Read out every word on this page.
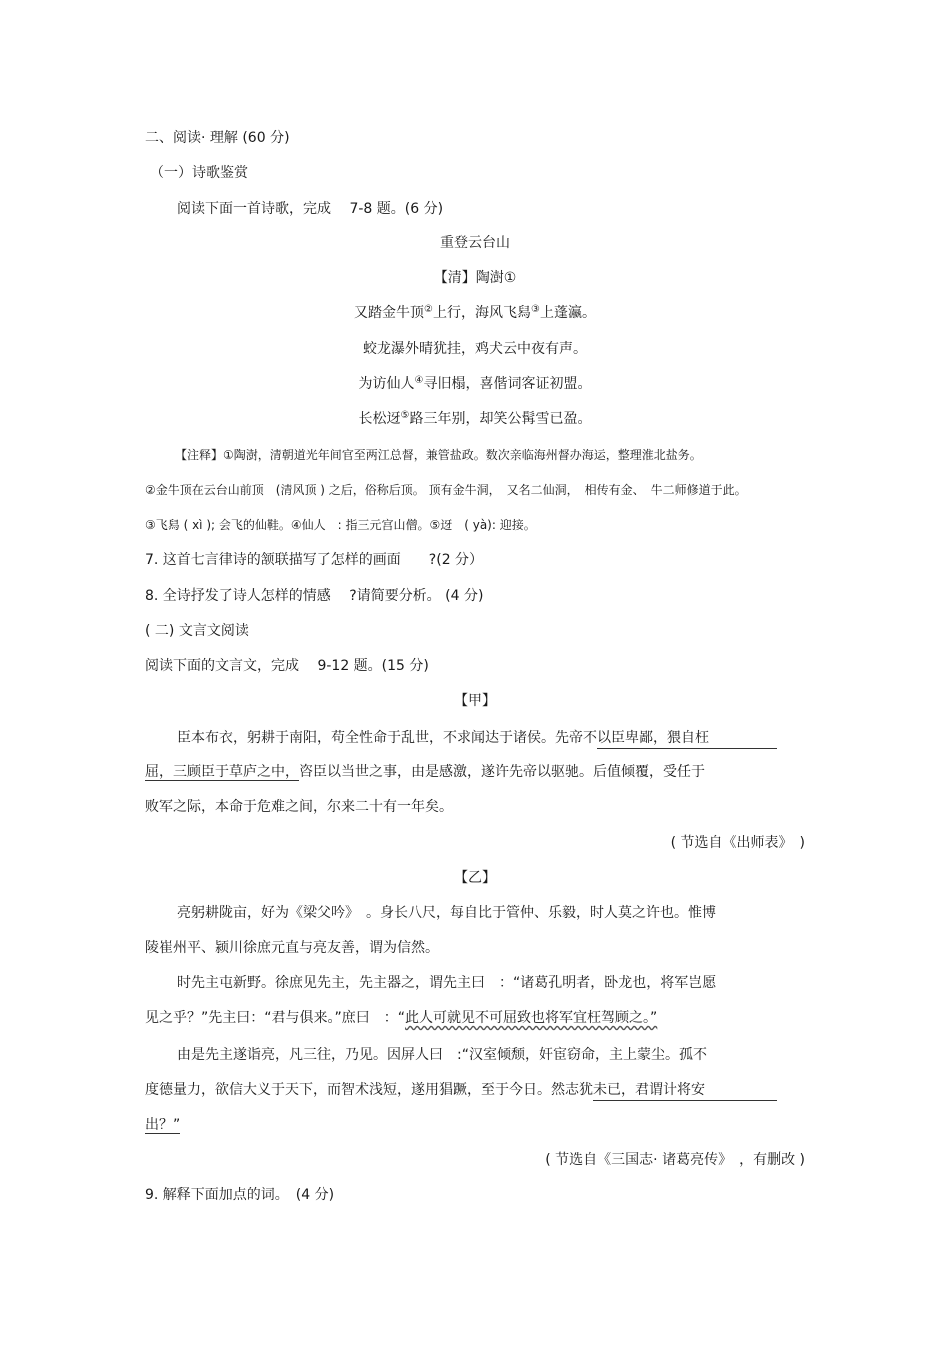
二、阅读· 理解 (60 分)
（一）诗歌鉴赏
阅读下面一首诗歌，完成　 7-8 题。(6 分)
重登云台山
【清】陶澍①
又踏金牛顶②上行，海风飞舄③上蓬瀛。
蛟龙瀑外晴犹挂，鸡犬云中夜有声。
为访仙人④寻旧榻，喜偕词客证初盟。
长松迓⑤路三年别，却笑公髯雪已盈。
【注释】①陶澍，清朝道光年间官至两江总督，兼管盐政。数次亲临海州督办海运，整理淮北盐务。
②金牛顶在云台山前顶　(清风顶 ) 之后，俗称后顶。 顶有金牛洞，　又名二仙洞，　相传有金、　牛二师修道于此。
③飞舄 ( xì ); 会飞的仙鞋。④仙人　: 指三元宫山僧。⑤迓　( yà): 迎接。
7. 这首七言律诗的颔联描写了怎样的画面　　?(2 分）
8. 全诗抒发了诗人怎样的情感　 ?请简要分析。 (4 分)
( 二) 文言文阅读
阅读下面的文言文，完成　 9-12 题。(15 分)
【甲】
臣本布衣，躬耕于南阳，苟全性命于乱世，不求闻达于诸侯。先帝不以臣卑鄙，猥自枉
屈，三顾臣于草庐之中，咨臣以当世之事，由是感激，遂许先帝以驱驰。后值倾覆，受任于
败军之际，本命于危难之间，尔来二十有一年矣。
( 节选自《出师表》　)
【乙】
亮躬耕陇亩，好为《梁父吟》　。身长八尺，每自比于管仲、乐毅，时人莫之许也。惟博
陵崔州平、颍川徐庶元直与亮友善，谓为信然。
时先主屯新野。徐庶见先主，先主器之，谓先主曰　：“诸葛孔明者，卧龙也，将军岂愿
见之乎？”先主曰：“君与俱来。”庶曰　：“此人可就见不可屈致也将军宜枉驾顾之。”
由是先主遂诣亮，凡三往，乃见。因屏人曰　:“汉室倾颓，奸宦窃命，主上蒙尘。孤不
度德量力，欲信大义于天下，而智术浅短，遂用猖蹶，至于今日。然志犹未已，君谓计将安
出？”
( 节选自《三国志· 诸葛亮传》　，有删改 )
9. 解释下面加点的词。　(4 分)
